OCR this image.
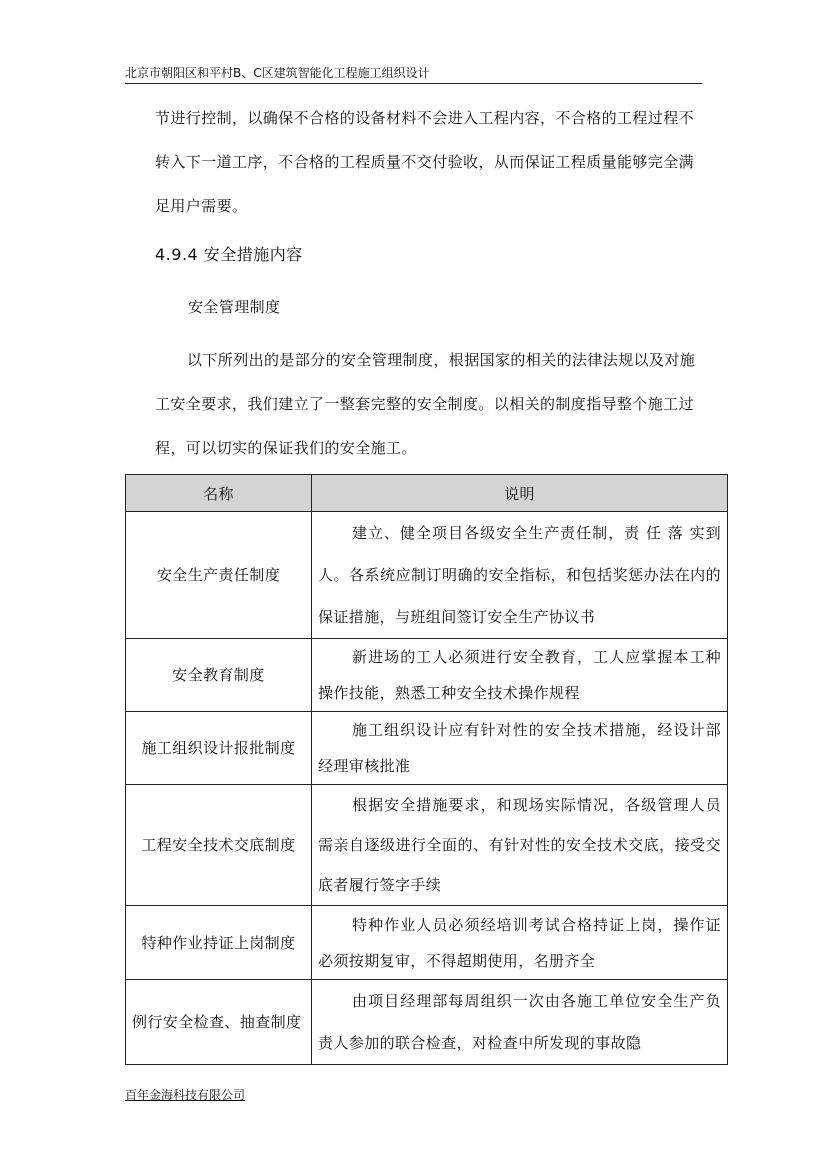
北京市朝阳区和平村B、C区建筑智能化工程施工组织设计

节进行控制，以确保不合格的设备材料不会进入工程内容，不合格的工程过程不转入下一道工序，不合格的工程质量不交付验收，从而保证工程质量能够完全满足用户需要。

4.9.4 安全措施内容
安全管理制度

以下所列出的是部分的安全管理制度，根据国家的相关的法律法规以及对施工安全要求，我们建立了一整套完整的安全制度。以相关的制度指导整个施工过程，可以切实的保证我们的安全施工。

名称	说明
安全生产责任制度	建立、健全项目各级安全生产责任制，责 任 落 实到人。各系统应制订明确的安全指标，和包括奖惩办法在内的保证措施，与班组间签订安全生产协议书
安全教育制度	新进场的工人必须进行安全教育，工人应掌握本工种操作技能，熟悉工种安全技术操作规程
施工组织设计报批制度	施工组织设计应有针对性的安全技术措施，经设计部经理审核批准
工程安全技术交底制度	根据安全措施要求，和现场实际情况，各级管理人员需亲自逐级进行全面的、有针对性的安全技术交底，接受交底者履行签字手续
特种作业持证上岗制度	特种作业人员必须经培训考试合格持证上岗，操作证必须按期复审，不得超期使用，名册齐全
例行安全检查、抽查制度	由项目经理部每周组织一次由各施工单位安全生产负责人参加的联合检查，对检查中所发现的事故隐
百年金海科技有限公司
